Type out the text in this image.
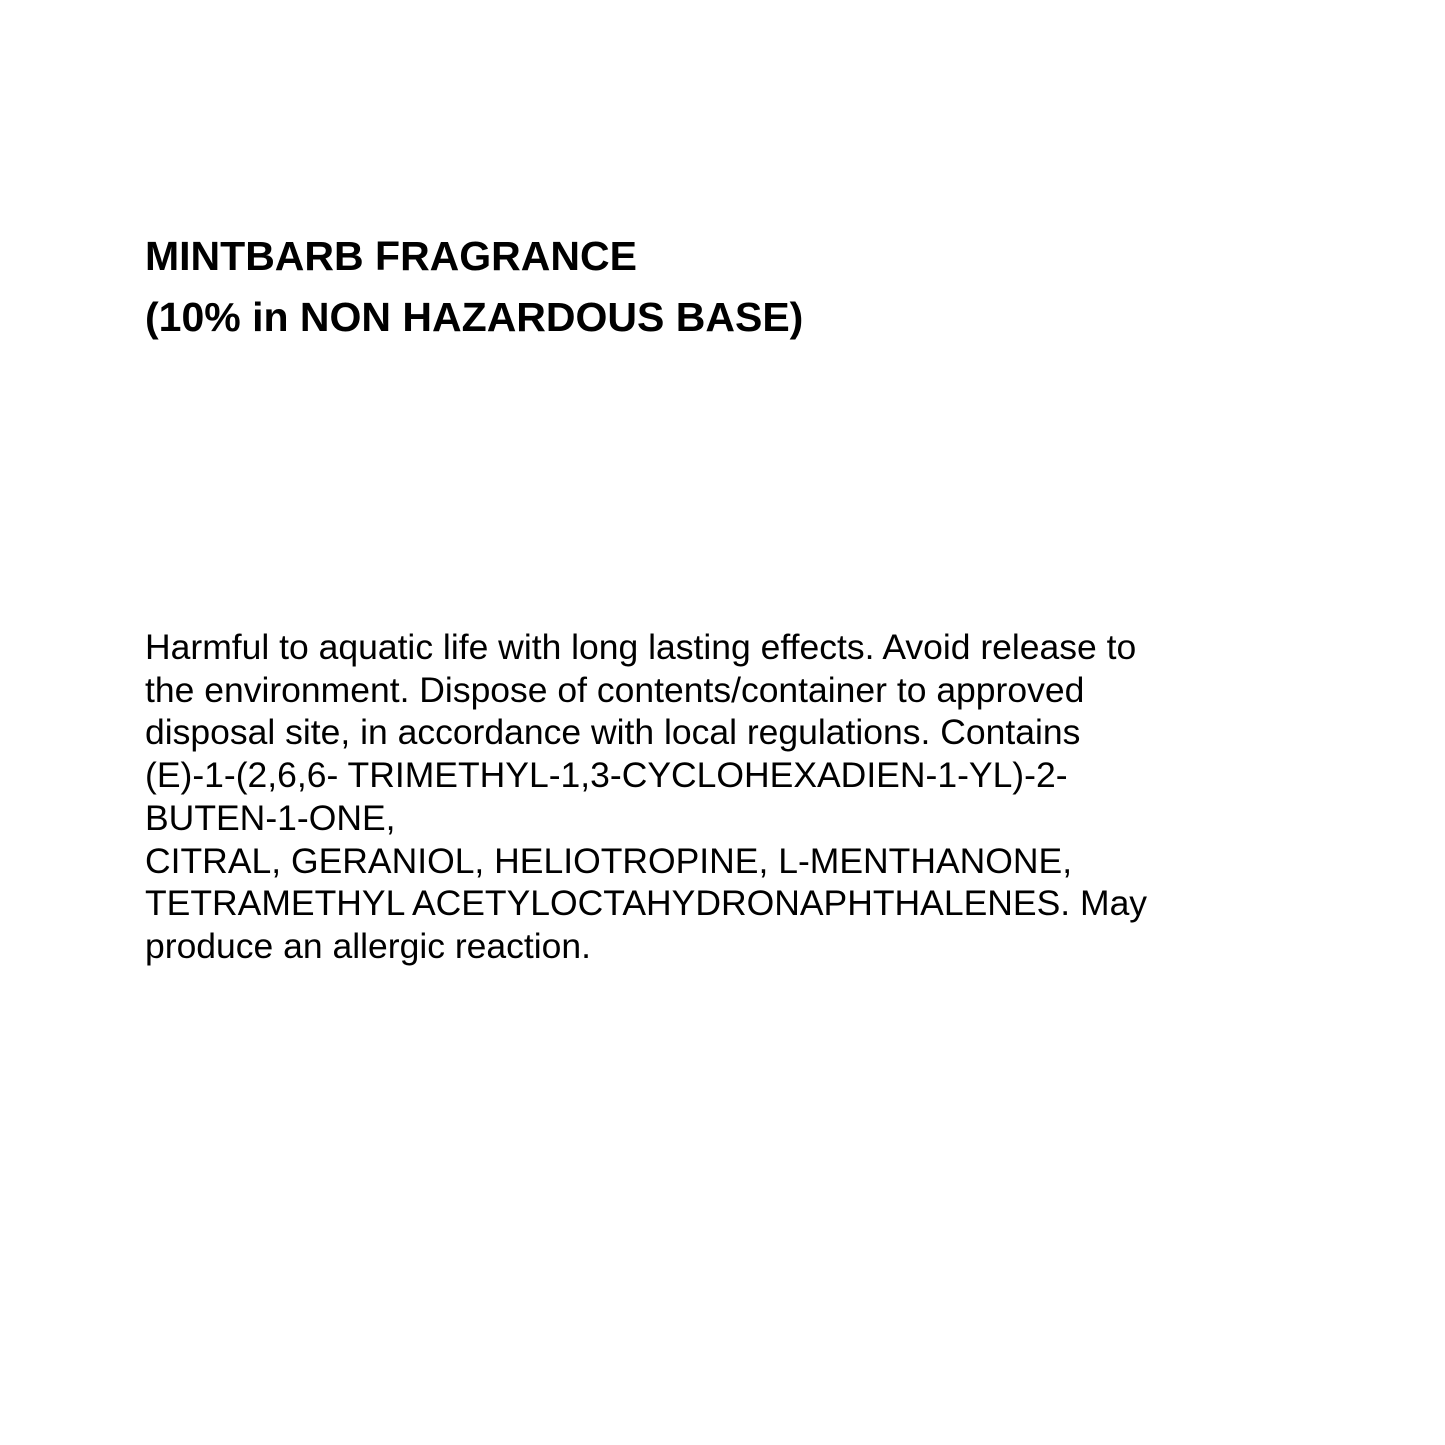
MINTBARB FRAGRANCE
(10% in NON HAZARDOUS BASE)
Harmful to aquatic life with long lasting effects. Avoid release to
the environment. Dispose of contents/container to approved
disposal site, in accordance with local regulations. Contains
(E)-1-(2,6,6- TRIMETHYL-1,3-CYCLOHEXADIEN-1-YL)-2-
BUTEN-1-ONE,
CITRAL, GERANIOL, HELIOTROPINE, L-MENTHANONE,
TETRAMETHYL ACETYLOCTAHYDRONAPHTHALENES. May
produce an allergic reaction.
